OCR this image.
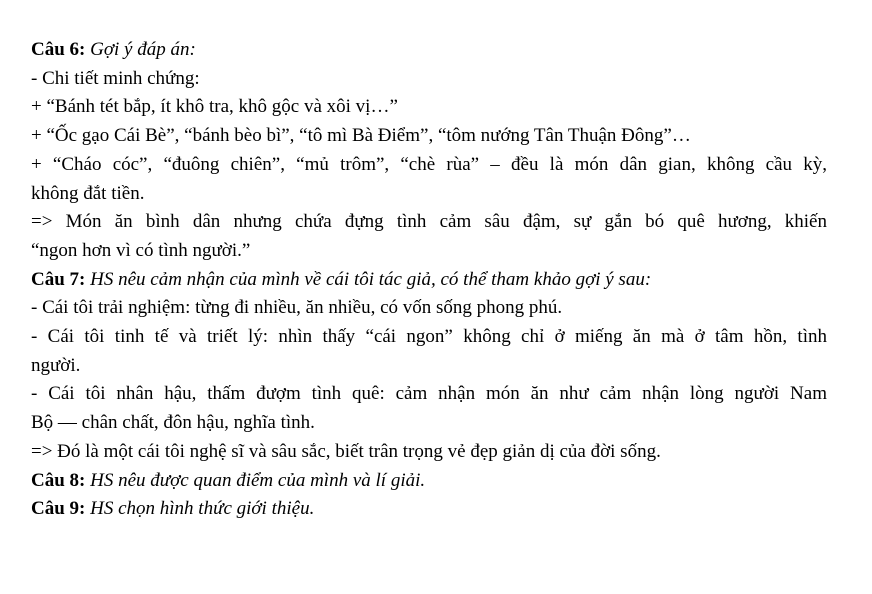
Câu 6: Gợi ý đáp án:

- Chi tiết minh chứng:

+ “Bánh tét bắp, ít khô tra, khô gộc và xôi vị…”

+ “Ốc gạo Cái Bè”, “bánh bèo bì”, “tô mì Bà Điểm”, “tôm nướng Tân Thuận Đông”…

+ “Cháo cóc”, “đuông chiên”, “mủ trôm”, “chè rùa” – đều là món dân gian, không cầu kỳ,

không đắt tiền.

=> Món ăn bình dân nhưng chứa đựng tình cảm sâu đậm, sự gắn bó quê hương, khiến

“ngon hơn vì có tình người.”

Câu 7: HS nêu cảm nhận của mình về cái tôi tác giả, có thể tham khảo gợi ý sau:

- Cái tôi trải nghiệm: từng đi nhiều, ăn nhiều, có vốn sống phong phú.

- Cái tôi tinh tế và triết lý: nhìn thấy “cái ngon” không chỉ ở miếng ăn mà ở tâm hồn, tình

người.

- Cái tôi nhân hậu, thấm đượm tình quê: cảm nhận món ăn như cảm nhận lòng người Nam

Bộ — chân chất, đôn hậu, nghĩa tình.

=> Đó là một cái tôi nghệ sĩ và sâu sắc, biết trân trọng vẻ đẹp giản dị của đời sống.

Câu 8: HS nêu được quan điểm của mình và lí giải.

Câu 9: HS chọn hình thức giới thiệu.
